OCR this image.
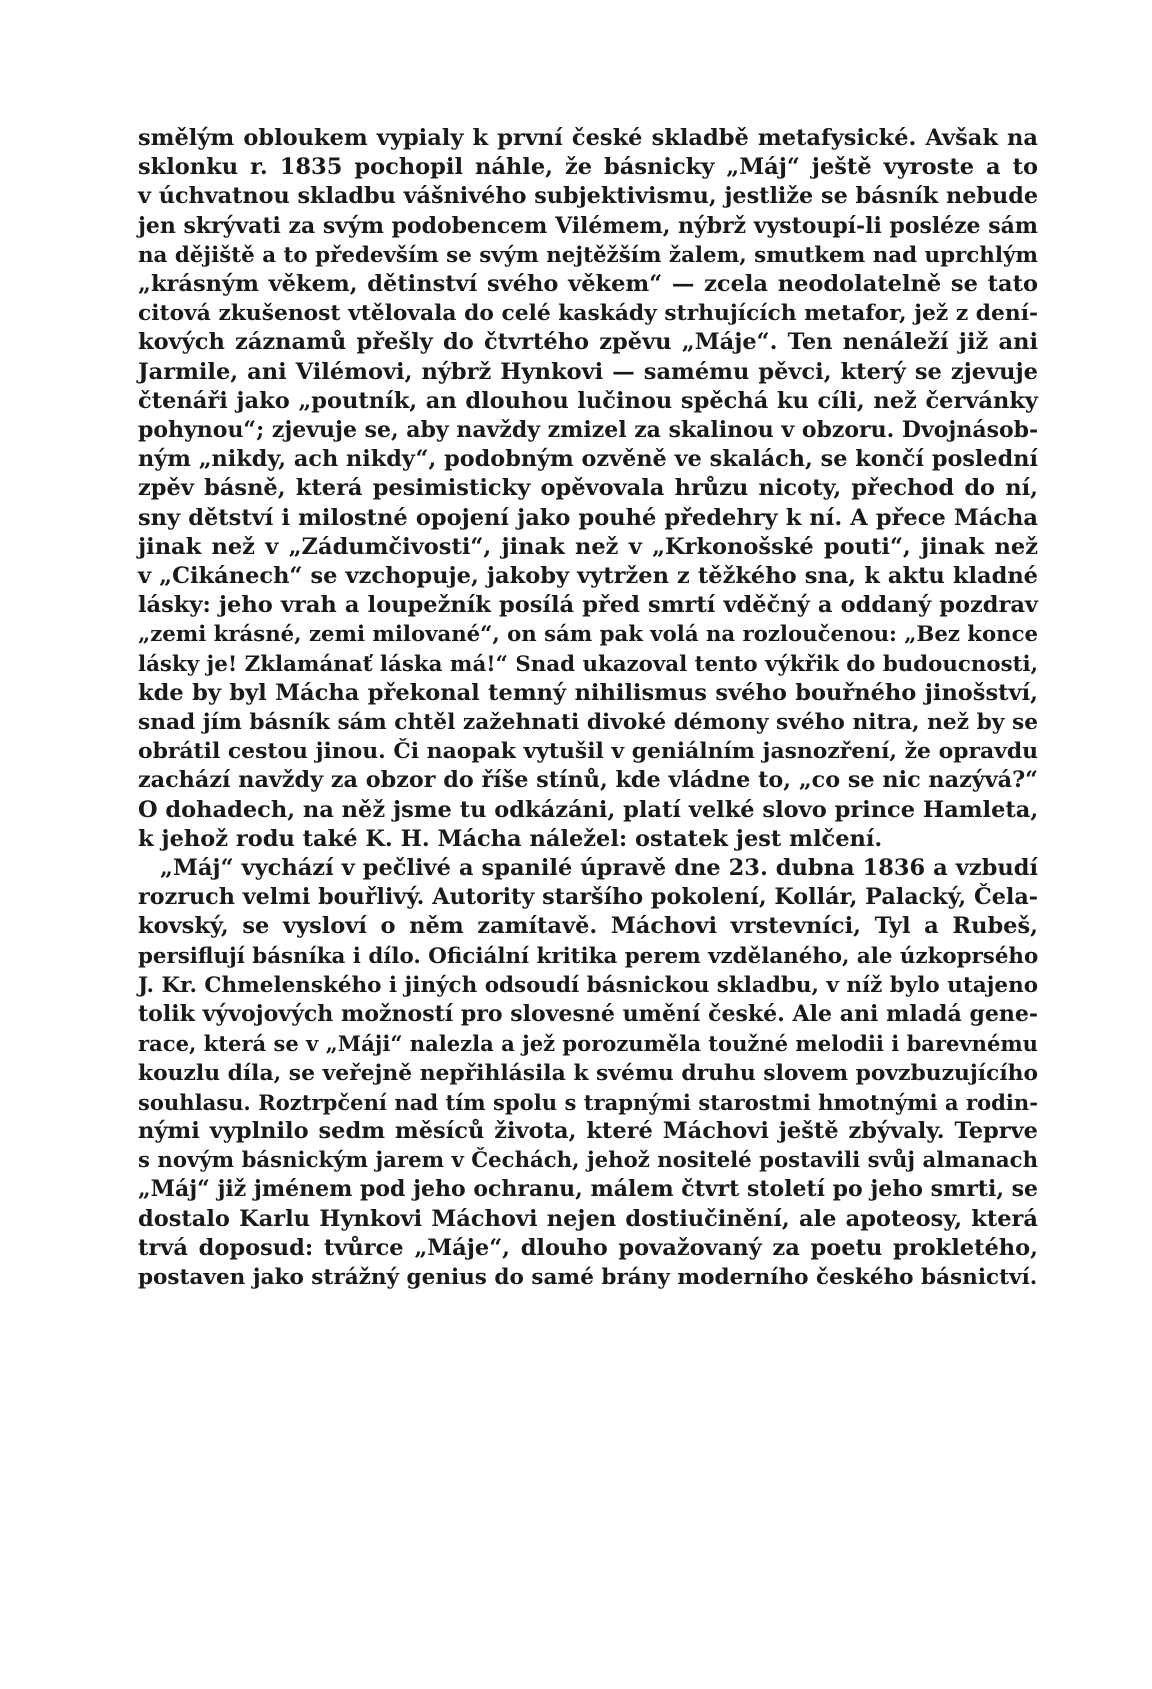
smělým obloukem vypialy k první české skladbě metafysické. Avšak na
sklonku r. 1835 pochopil náhle, že básnicky „Máj“ ještě vyroste a to
v úchvatnou skladbu vášnivého subjektivismu, jestliže se básník nebude
jen skrývati za svým podobencem Vilémem, nýbrž vystoupí-li posléze sám
na dějiště a to především se svým nejtěžším žalem, smutkem nad uprchlým
„krásným věkem, dětinství svého věkem“ — zcela neodolatelně se tato
citová zkušenost vtělovala do celé kaskády strhujících metafor, jež z dení-
kových záznamů přešly do čtvrtého zpěvu „Máje“. Ten nenáleží již ani
Jarmile, ani Vilémovi, nýbrž Hynkovi — samému pěvci, který se zjevuje
čtenáři jako „poutník, an dlouhou lučinou spěchá ku cíli, než červánky
pohynou“; zjevuje se, aby navždy zmizel za skalinou v obzoru. Dvojnásob-
ným „nikdy, ach nikdy“, podobným ozvěně ve skalách, se končí poslední
zpěv básně, která pesimisticky opěvovala hrůzu nicoty, přechod do ní,
sny dětství i milostné opojení jako pouhé předehry k ní. A přece Mácha
jinak než v „Zádumčivosti“, jinak než v „Krkonošské pouti“, jinak než
v „Cikánech“ se vzchopuje, jakoby vytržen z těžkého sna, k aktu kladné
lásky: jeho vrah a loupežník posílá před smrtí vděčný a oddaný pozdrav
„zemi krásné, zemi milované“, on sám pak volá na rozloučenou: „Bez konce
lásky je! Zklamánať láska má!“ Snad ukazoval tento výkřik do budoucnosti,
kde by byl Mácha překonal temný nihilismus svého bouřného jinošství,
snad jím básník sám chtěl zažehnati divoké démony svého nitra, než by se
obrátil cestou jinou. Či naopak vytušil v geniálním jasnozření, že opravdu
zachází navždy za obzor do říše stínů, kde vládne to, „co se nic nazývá?“
O dohadech, na něž jsme tu odkázáni, platí velké slovo prince Hamleta,
k jehož rodu také K. H. Mácha náležel: ostatek jest mlčení.
„Máj“ vychází v pečlivé a spanilé úpravě dne 23. dubna 1836 a vzbudí
rozruch velmi bouřlivý. Autority staršího pokolení, Kollár, Palacký, Čela-
kovský, se vysloví o něm zamítavě. Máchovi vrstevníci, Tyl a Rubeš,
persiflují básníka i dílo. Oficiální kritika perem vzdělaného, ale úzkoprsého
J. Kr. Chmelenského i jiných odsoudí básnickou skladbu, v níž bylo utajeno
tolik vývojových možností pro slovesné umění české. Ale ani mladá gene-
race, která se v „Máji“ nalezla a jež porozuměla toužné melodii i barevnému
kouzlu díla, se veřejně nepřihlásila k svému druhu slovem povzbuzujícího
souhlasu. Roztrpčení nad tím spolu s trapnými starostmi hmotnými a rodin-
nými vyplnilo sedm měsíců života, které Máchovi ještě zbývaly. Teprve
s novým básnickým jarem v Čechách, jehož nositelé postavili svůj almanach
„Máj“ již jménem pod jeho ochranu, málem čtvrt století po jeho smrti, se
dostalo Karlu Hynkovi Máchovi nejen dostiučinění, ale apoteosy, která
trvá doposud: tvůrce „Máje“, dlouho považovaný za poetu prokletého,
postaven jako strážný genius do samé brány moderního českého básnictví.
